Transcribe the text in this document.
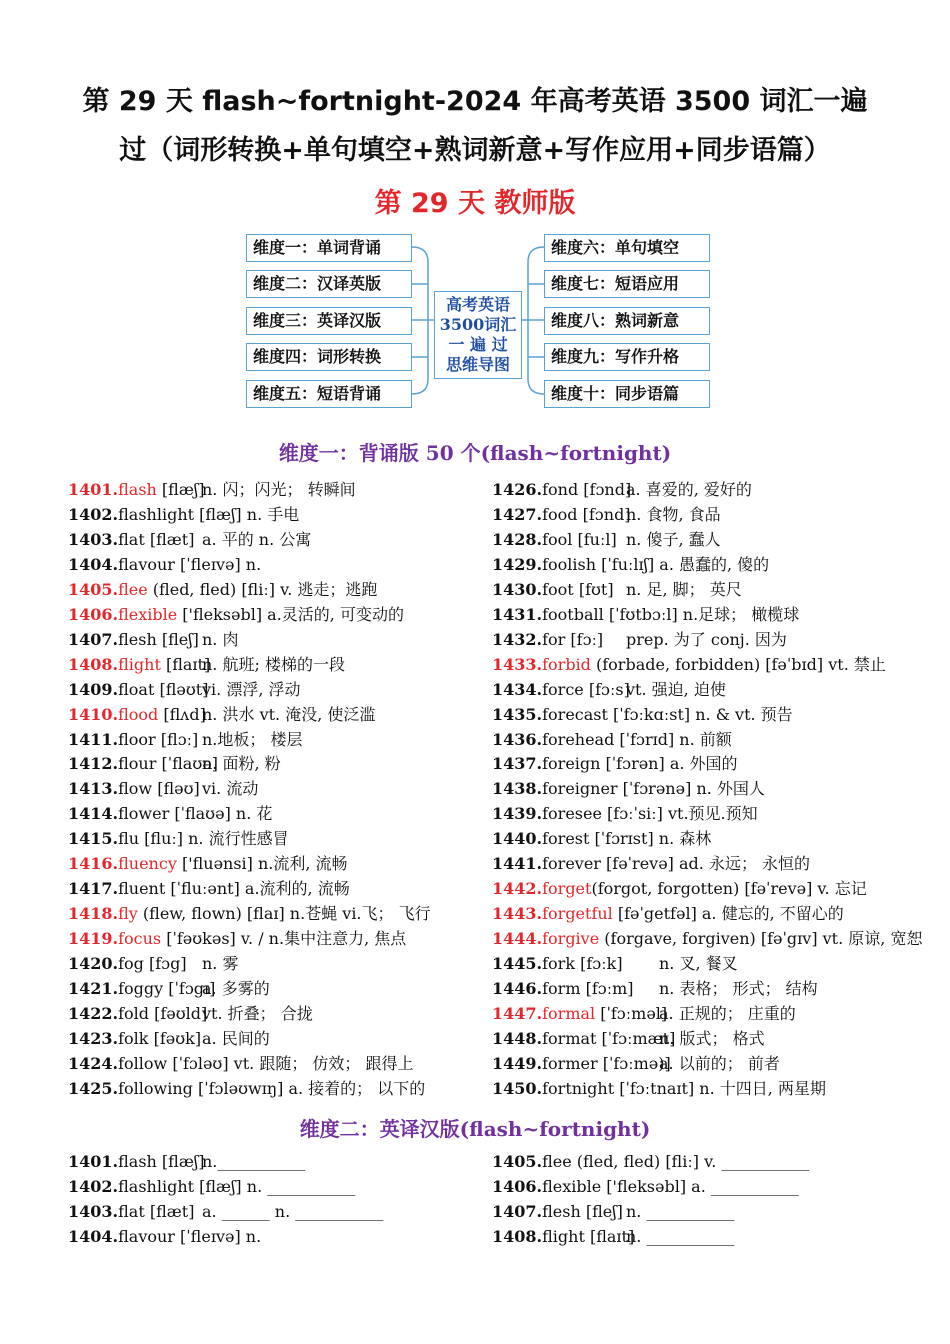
第 29 天 flash~fortnight-2024 年高考英语 3500 词汇一遍
过（词形转换+单句填空+熟词新意+写作应用+同步语篇）
第 29 天 教师版
维度一：单词背诵
维度二：汉译英版
维度三：英译汉版
维度四：词形转换
维度五：短语背诵
维度六：单句填空
维度七：短语应用
维度八：熟词新意
维度九：写作升格
维度十：同步语篇
高考英语
3500词汇
一 遍 过
思维导图
维度一：背诵版 50 个(flash~fortnight)
1401.flash [flæʃ]n. 闪；闪光； 转瞬间
1402.flashlight [flæʃ] n. 手电
1403.flat [flæt] a. 平的 n. 公寓
1404.flavour [ˈfleɪvə] n.
1405.flee (fled, fled) [fliː] v. 逃走；逃跑
1406.flexible ['fleksəbl] a.灵活的, 可变动的
1407.flesh [fleʃ] n. 肉
1408.flight [flaɪt]n. 航班; 楼梯的一段
1409.float [fləʊt]vi. 漂浮, 浮动
1410.flood [flʌd]n. 洪水 vt. 淹没, 使泛滥
1411.floor [flɔː] n.地板； 楼层
1412.flour [ˈflaʊə]n. 面粉, 粉
1413.flow [fləʊ] vi. 流动
1414.flower [ˈflaʊə] n. 花
1415.flu [fluː] n. 流行性感冒
1416.fluency ['fluənsi] n.流利, 流畅
1417.fluent [ˈfluːənt] a.流利的, 流畅
1418.fly (flew, flown) [flaɪ] n.苍蝇 vi.飞； 飞行
1419.focus [ˈfəʊkəs] v. / n.集中注意力, 焦点
1420.fog [fɔg] n. 雾
1421.foggy [ˈfɔgɪ]a. 多雾的
1422.fold [fəʊld]vt. 折叠； 合拢
1423.folk [fəʊk]a. 民间的
1424.follow [ˈfɔləʊ] vt. 跟随； 仿效； 跟得上
1425.following [ˈfɔləʊwɪŋ] a. 接着的； 以下的
1426.fond [fɔnd]a. 喜爱的, 爱好的
1427.food [fɔnd]n. 食物, 食品
1428.fool [fuːl] n. 傻子, 蠢人
1429.foolish [ˈfuːlɪʃ] a. 愚蠢的, 傻的
1430.foot [fʊt] n. 足, 脚； 英尺
1431.football [ˈfʊtbɔːl] n.足球； 橄榄球
1432.for [fɔː] prep. 为了 conj. 因为
1433.forbid (forbade, forbidden) [fəˈbɪd] vt. 禁止
1434.force [fɔːs]vt. 强迫, 迫使
1435.forecast [ˈfɔːkɑːst] n. & vt. 预告
1436.forehead [ˈfɔrɪd] n. 前额
1437.foreign [ˈfɔrən] a. 外国的
1438.foreigner [ˈfɔrənə] n. 外国人
1439.foresee [fɔːˈsiː] vt.预见.预知
1440.forest [ˈfɔrɪst] n. 森林
1441.forever [fəˈrevə] ad. 永远； 永恒的
1442.forget(forgot, forgotten) [fəˈrevə] v. 忘记
1443.forgetful [fəˈgetfəl] a. 健忘的, 不留心的
1444.forgive (forgave, forgiven) [fəˈgɪv] vt. 原谅, 宽恕
1445.fork [fɔːk] n. 叉, 餐叉
1446.form [fɔːm] n. 表格； 形式； 结构
1447.formal [ˈfɔːməl]a. 正规的； 庄重的
1448.format [ˈfɔːmæt]n. 版式； 格式
1449.former [ˈfɔːmə)]a. 以前的； 前者
1450.fortnight [ˈfɔːtnaɪt] n. 十四日, 两星期
维度二：英译汉版(flash~fortnight)
1401.flash [flæʃ]n.___________
1402.flashlight [flæʃ] n. ___________
1403.flat [flæt] a. ______ n. ___________
1404.flavour [ˈfleɪvə] n.
1405.flee (fled, fled) [fliː] v. ___________
1406.flexible ['fleksəbl] a. ___________
1407.flesh [fleʃ] n. ___________
1408.flight [flaɪt]n. ___________
